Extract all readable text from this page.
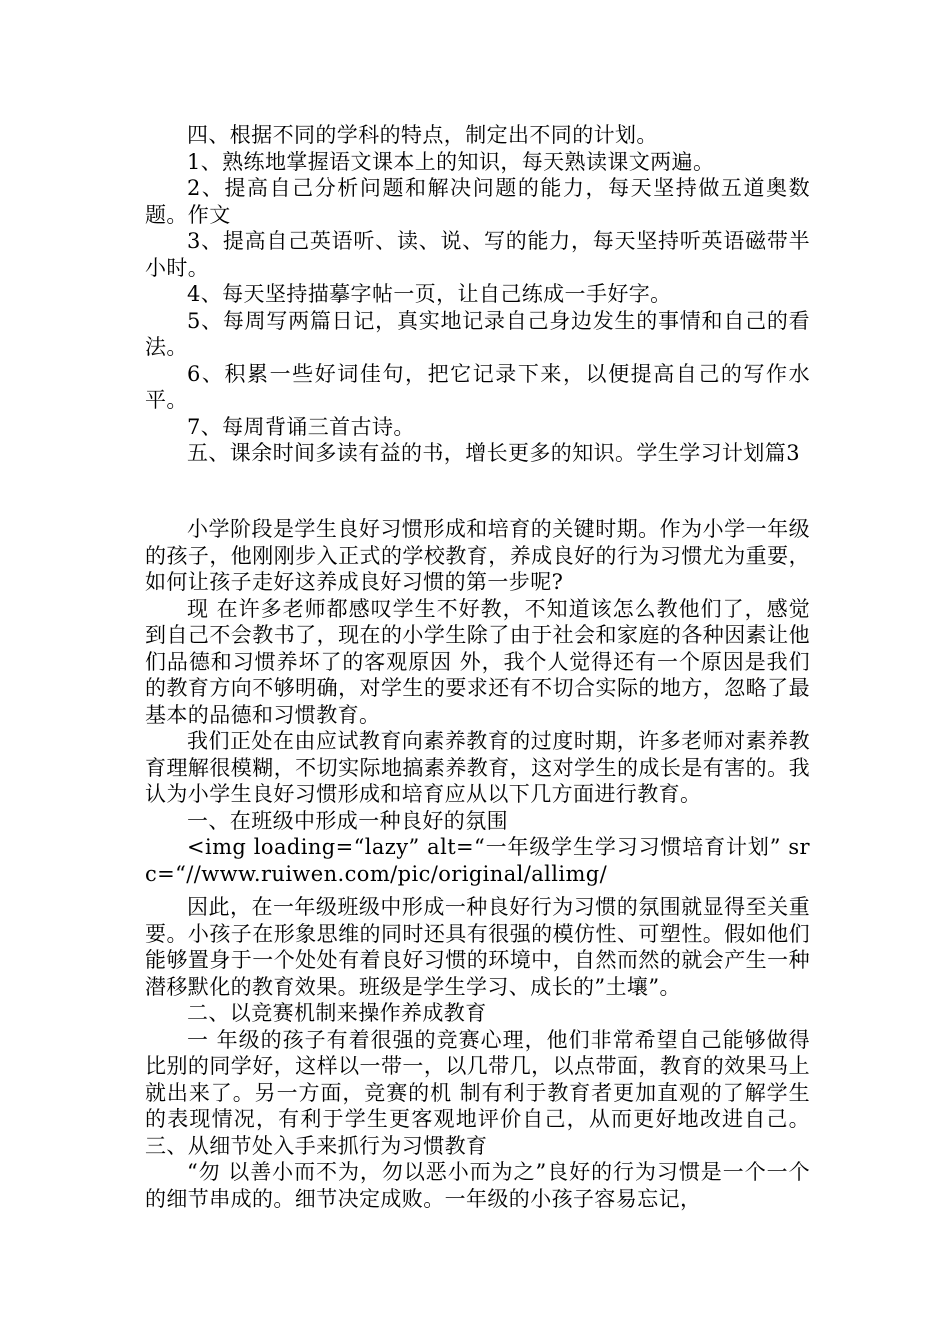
四、根据不同的学科的特点，制定出不同的计划。

1、熟练地掌握语文课本上的知识，每天熟读课文两遍。

2、提高自己分析问题和解决问题的能力，每天坚持做五道奥数题。作文

3、提高自己英语听、读、说、写的能力，每天坚持听英语磁带半小时。

4、每天坚持描摹字帖一页，让自己练成一手好字。

5、每周写两篇日记，真实地记录自己身边发生的事情和自己的看法。

6、积累一些好词佳句，把它记录下来，以便提高自己的写作水平。

7、每周背诵三首古诗。

五、课余时间多读有益的书，增长更多的知识。学生学习计划篇3

小学阶段是学生良好习惯形成和培育的关键时期。作为小学一年级的孩子，他刚刚步入正式的学校教育，养成良好的行为习惯尤为重要，如何让孩子走好这养成良好习惯的第一步呢?

现 在许多老师都感叹学生不好教，不知道该怎么教他们了，感觉到自己不会教书了，现在的小学生除了由于社会和家庭的各种因素让他们品德和习惯养坏了的客观原因 外，我个人觉得还有一个原因是我们的教育方向不够明确，对学生的要求还有不切合实际的地方，忽略了最基本的品德和习惯教育。

我们正处在由应试教育向素养教育的过度时期，许多老师对素养教育理解很模糊，不切实际地搞素养教育，这对学生的成长是有害的。我认为小学生良好习惯形成和培育应从以下几方面进行教育。

一、在班级中形成一种良好的氛围

<img loading=“lazy” alt=“一年级学生学习习惯培育计划” src=“//www.ruiwen.com/pic/original/allimg/

因此，在一年级班级中形成一种良好行为习惯的氛围就显得至关重要。小孩子在形象思维的同时还具有很强的模仿性、可塑性。假如他们能够置身于一个处处有着良好习惯的环境中，自然而然的就会产生一种潜移默化的教育效果。班级是学生学习、成长的”土壤”。

二、以竞赛机制来操作养成教育

一 年级的孩子有着很强的竞赛心理，他们非常希望自己能够做得比别的同学好，这样以一带一，以几带几，以点带面，教育的效果马上就出来了。另一方面，竞赛的机 制有利于教育者更加直观的了解学生的表现情况，有利于学生更客观地评价自己，从而更好地改进自己。三、从细节处入手来抓行为习惯教育

“勿 以善小而不为，勿以恶小而为之”良好的行为习惯是一个一个的细节串成的。细节决定成败。一年级的小孩子容易忘记，
